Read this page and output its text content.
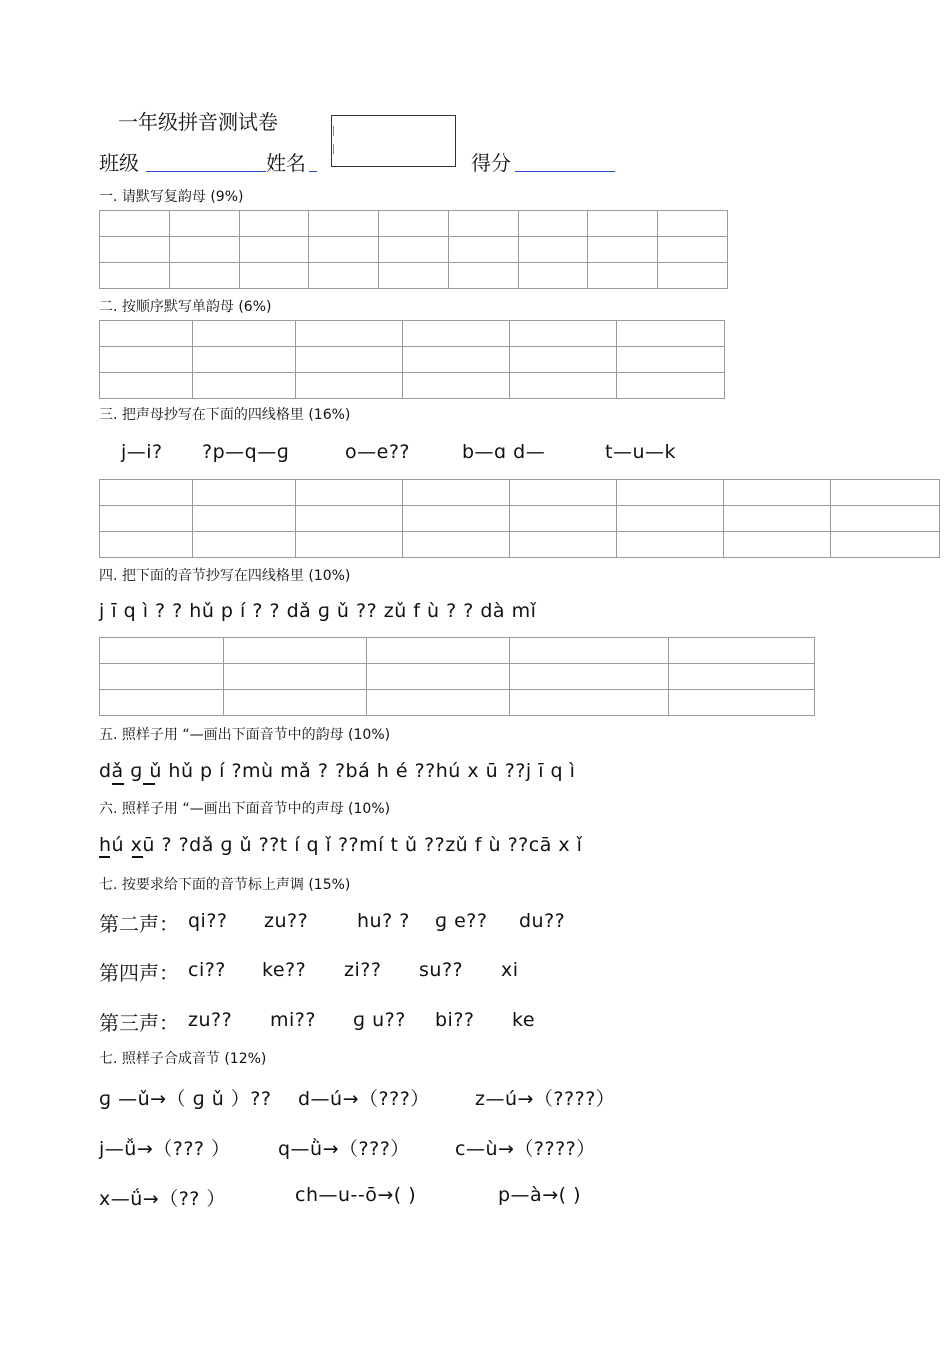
一年级拼音测试卷
班级	姓名	得分
一. 请默写复韵母 (9%)

二. 按顺序默写单韵母 (6%)

三. 把声母抄写在下面的四线格里 (16%)
j—i? ?p—q—ɡ	o—e??	b—ɑ d—	t—u—k

四. 把下面的音节抄写在四线格里 (10%)
j ī q ì ? ? hǔ p í ? ? dǎ ɡ ǔ ?? zǔ f ù ? ? dà mǐ

五. 照样子用 “—画出下面音节中的韵母 (10%)
dǎ ɡ ǔ hǔ p í ?mù mǎ ? ?bá h é ??hú x ū ??j ī q ì
六. 照样子用 “—画出下面音节中的声母 (10%)
hú xū ? ?dǎ ɡ ǔ ??t í q ǐ ??mí t ǔ ??zǔ f ù ??cā x ǐ
七. 按要求给下面的音节标上声调 (15%)
第二声： qi?? zu??	hu? ? ɡ e?? du??
第四声： ci?? ke?? zi?? su?? xi
第三声： zu?? mi?? ɡ u?? bi?? ke
七. 照样子合成音节 (12%)
ɡ —ǔ→（ ɡ ǔ ）?? d—ú→（???） z—ú→（????）
j—ǚ→（??? ） q—ǜ→（???） c—ù→（????）
x—ǘ→（?? ）	ch—u--ō→( )	p—à→( )
